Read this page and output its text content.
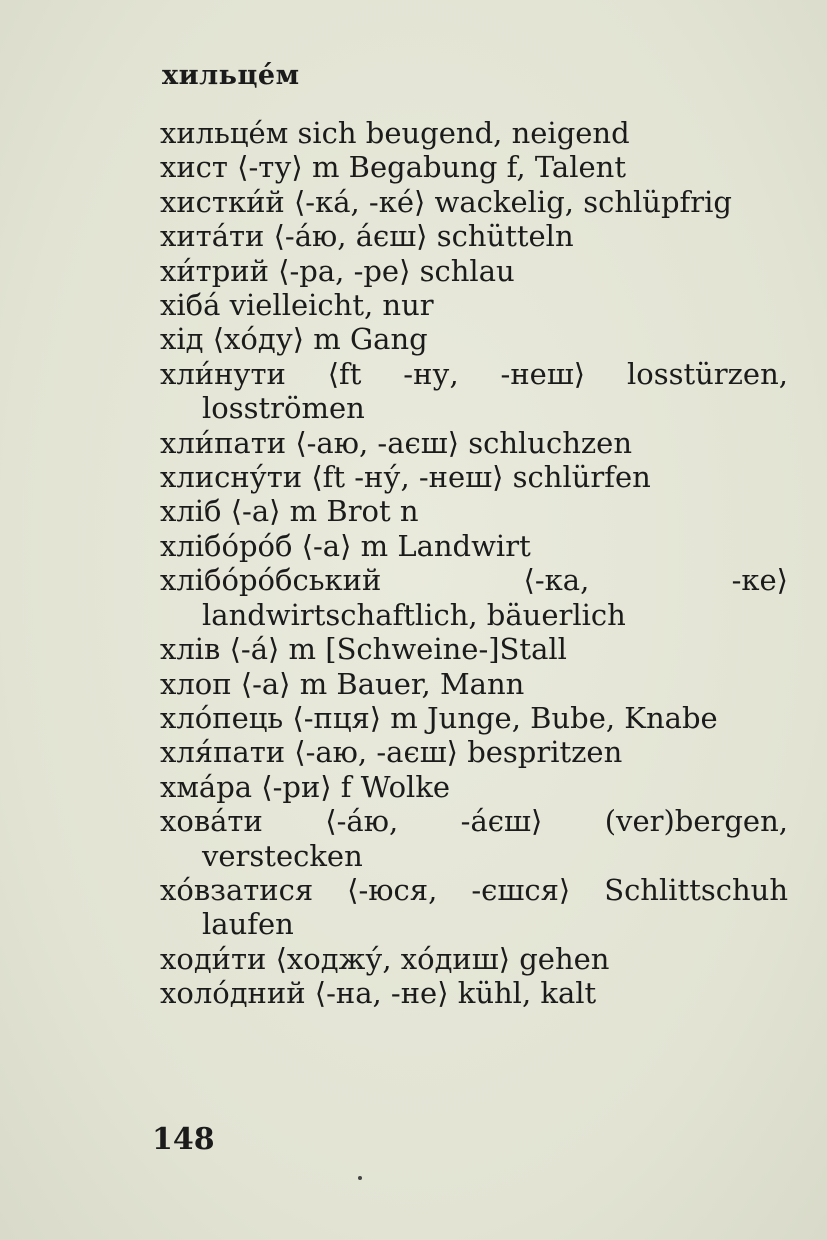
хильце́м
хильце́м sich beugend, neigend
хист ⟨-ту⟩ m Begabung f, Talent
хистки́й ⟨-ка́, -ке́⟩ wackelig, schlüpfrig
хита́ти ⟨-а́ю, а́єш⟩ schütteln
хи́трий ⟨-ра, -ре⟩ schlau
хіба́ vielleicht, nur
хід ⟨хо́ду⟩ m Gang
хли́нути ⟨ft -ну, -неш⟩ losstürzen, losströmen
хли́пати ⟨-аю, -аєш⟩ schluchzen
хлисну́ти ⟨ft -ну́, -неш⟩ schlürfen
хліб ⟨-а⟩ m Brot n
хлібо́ро́б ⟨-а⟩ m Landwirt
хлібо́ро́бський ⟨-ка, -ке⟩ landwirtschaftlich, bäuerlich
хлів ⟨-а́⟩ m [Schweine-]Stall
хлоп ⟨-а⟩ m Bauer, Mann
хло́пець ⟨-пця⟩ m Junge, Bube, Knabe
хля́пати ⟨-аю, -аєш⟩ bespritzen
хма́ра ⟨-ри⟩ f Wolke
хова́ти ⟨-а́ю, -а́єш⟩ (ver)bergen, verstecken
хо́взатися ⟨-юся, -єшся⟩ Schlittschuh laufen
ходи́ти ⟨ходжу́, хо́диш⟩ gehen
холо́дний ⟨-на, -не⟩ kühl, kalt
148
